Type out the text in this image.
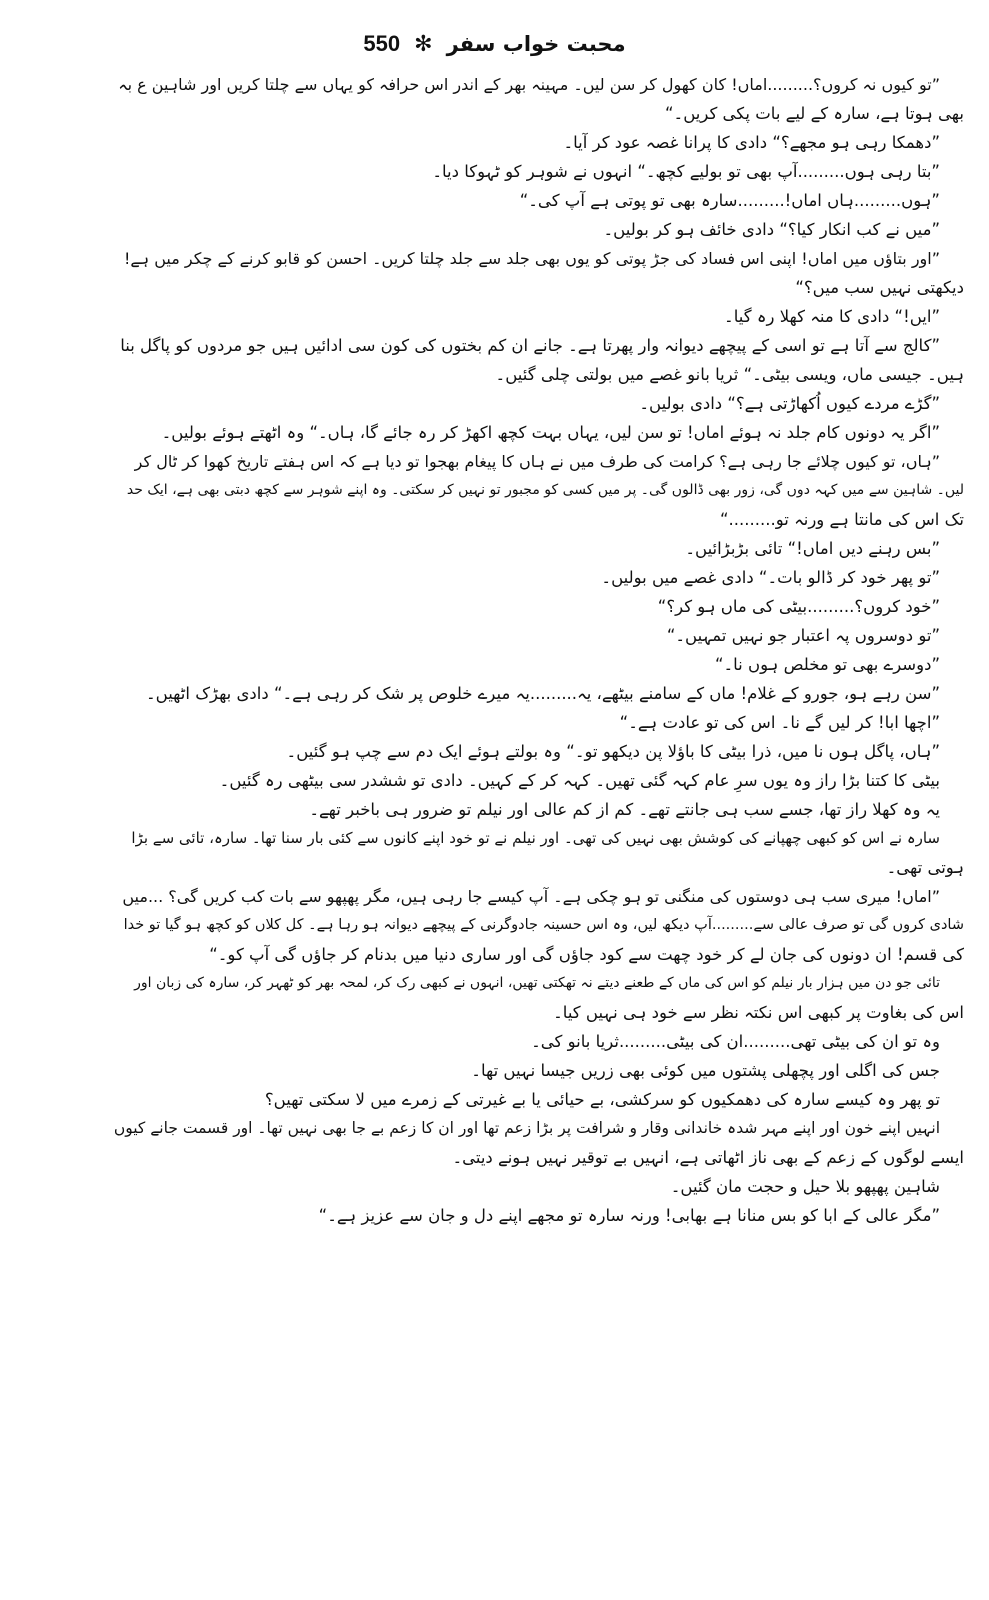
محبت خواب سفر
✻
550
”تو کیوں نہ کروں؟.........اماں! کان کھول کر سن لیں۔ مہینہ بھر کے اندر اس حرافہ کو یہاں سے چلتا کریں اور شاہین ع بہ
بھی ہوتا ہے، سارہ کے لیے بات پکی کریں۔“
”دھمکا رہی ہو مجھے؟“ دادی کا پرانا غصہ عود کر آیا۔
”بتا رہی ہوں.........آپ بھی تو بولیے کچھ۔“ انہوں نے شوہر کو ٹہوکا دیا۔
”ہوں.........ہاں اماں!.........سارہ بھی تو پوتی ہے آپ کی۔“
”میں نے کب انکار کیا؟“ دادی خائف ہو کر بولیں۔
”اور بتاؤں میں اماں! اپنی اس فساد کی جڑ پوتی کو یوں بھی جلد سے جلد چلتا کریں۔ احسن کو قابو کرنے کے چکر میں ہے!
دیکھتی نہیں سب میں؟“
”ایں!“ دادی کا منہ کھلا رہ گیا۔
”کالج سے آتا ہے تو اسی کے پیچھے دیوانہ وار پھرتا ہے۔ جانے ان کم بختوں کی کون سی ادائیں ہیں جو مردوں کو پاگل بنا
ہیں۔ جیسی ماں، ویسی بیٹی۔“ ثریا بانو غصے میں بولتی چلی گئیں۔
”گڑے مردے کیوں اُکھاڑتی ہے؟“ دادی بولیں۔
”اگر یہ دونوں کام جلد نہ ہوئے اماں! تو سن لیں، یہاں بہت کچھ اکھڑ کر رہ جائے گا، ہاں۔“ وہ اٹھتے ہوئے بولیں۔
”ہاں، تو کیوں چلائے جا رہی ہے؟ کرامت کی طرف میں نے ہاں کا پیغام بھجوا تو دیا ہے کہ اس ہفتے تاریخ کھوا کر ٹال کر
لیں۔ شاہین سے میں کہہ دوں گی، زور بھی ڈالوں گی۔ پر میں کسی کو مجبور تو نہیں کر سکتی۔ وہ اپنے شوہر سے کچھ دبتی بھی ہے، ایک حد
تک اس کی مانتا ہے ورنہ تو.........“
”بس رہنے دیں اماں!“ تائی بڑبڑائیں۔
”تو پھر خود کر ڈالو بات۔“ دادی غصے میں بولیں۔
”خود کروں؟.........بیٹی کی ماں ہو کر؟“
”تو دوسروں پہ اعتبار جو نہیں تمہیں۔“
”دوسرے بھی تو مخلص ہوں نا۔“
”سن رہے ہو، جورو کے غلام! ماں کے سامنے بیٹھے، یہ.........یہ میرے خلوص پر شک کر رہی ہے۔“ دادی بھڑک اٹھیں۔
”اچھا ابا! کر لیں گے نا۔ اس کی تو عادت ہے۔“
”ہاں، پاگل ہوں نا میں، ذرا بیٹی کا باؤلا پن دیکھو تو۔“ وہ بولتے ہوئے ایک دم سے چپ ہو گئیں۔
بیٹی کا کتنا بڑا راز وہ یوں سرِ عام کہہ گئی تھیں۔ کہہ کر کے کہیں۔ دادی تو ششدر سی بیٹھی رہ گئیں۔
یہ وہ کھلا راز تھا، جسے سب ہی جانتے تھے۔ کم از کم عالی اور نیلم تو ضرور ہی باخبر تھے۔
سارہ نے اس کو کبھی چھپانے کی کوشش بھی نہیں کی تھی۔ اور نیلم نے تو خود اپنے کانوں سے کئی بار سنا تھا۔ سارہ، تائی سے بڑا
ہوتی تھی۔
”اماں! میری سب ہی دوستوں کی منگنی تو ہو چکی ہے۔ آپ کیسے جا رہی ہیں، مگر پھپھو سے بات کب کریں گی؟ ...میں
شادی کروں گی تو صرف عالی سے.........آپ دیکھ لیں، وہ اس حسینہ جادوگرنی کے پیچھے دیوانہ ہو رہا ہے۔ کل کلاں کو کچھ ہو گیا تو خدا
کی قسم! ان دونوں کی جان لے کر خود چھت سے کود جاؤں گی اور ساری دنیا میں بدنام کر جاؤں گی آپ کو۔“
تائی جو دن میں ہزار بار نیلم کو اس کی ماں کے طعنے دیتے نہ تھکتی تھیں، انہوں نے کبھی رک کر، لمحہ بھر کو ٹھہر کر، سارہ کی زبان اور
اس کی بغاوت پر کبھی اس نکتہ نظر سے خود ہی نہیں کیا۔
وہ تو ان کی بیٹی تھی.........ان کی بیٹی.........ثریا بانو کی۔
جس کی اگلی اور پچھلی پشتوں میں کوئی بھی زریں جیسا نہیں تھا۔
تو پھر وہ کیسے سارہ کی دھمکیوں کو سرکشی، بے حیائی یا بے غیرتی کے زمرے میں لا سکتی تھیں؟
انہیں اپنے خون اور اپنے مہر شدہ خاندانی وقار و شرافت پر بڑا زعم تھا اور ان کا زعم بے جا بھی نہیں تھا۔ اور قسمت جانے کیوں
ایسے لوگوں کے زعم کے بھی ناز اٹھاتی ہے، انہیں بے توقیر نہیں ہونے دیتی۔
شاہین پھپھو بلا حیل و حجت مان گئیں۔
”مگر عالی کے ابا کو بس منانا ہے بھابی! ورنہ سارہ تو مجھے اپنے دل و جان سے عزیز ہے۔“
